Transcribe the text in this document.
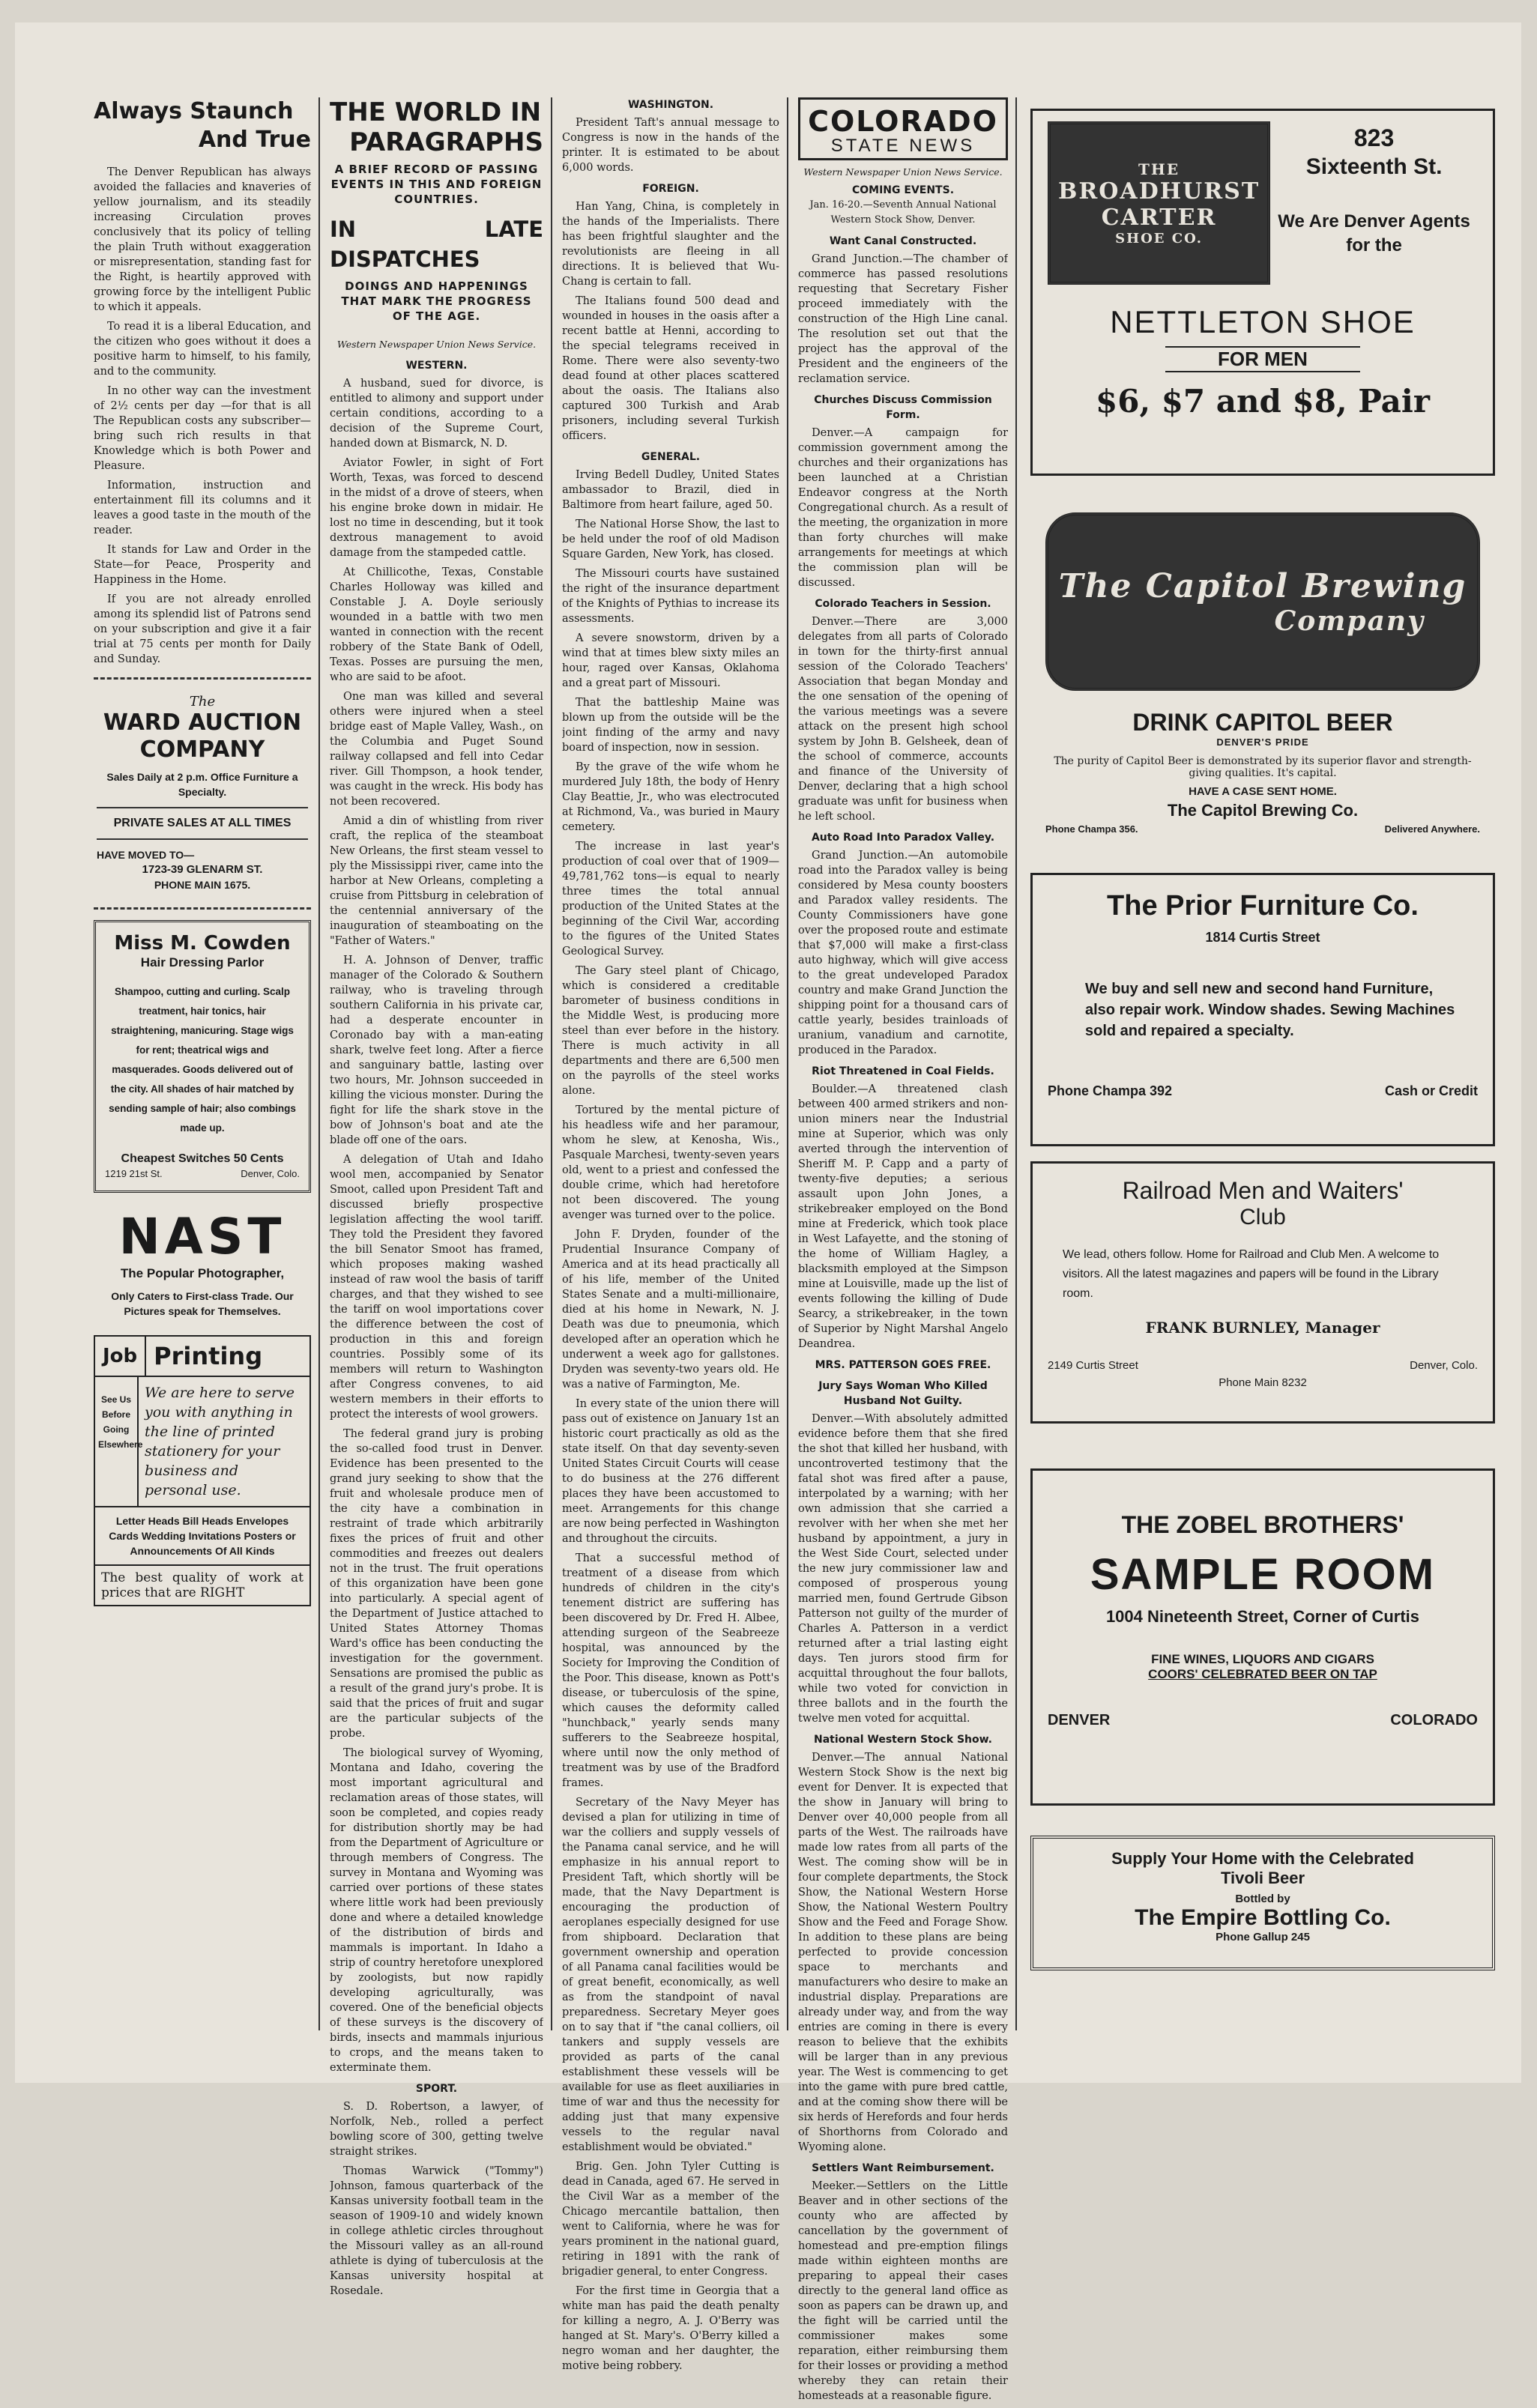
Always Staunch
And True

The Denver Republican has always avoided the fallacies and knaveries of yellow journalism, and its steadily increasing Circulation proves conclusively that its policy of telling the plain Truth without exaggeration or misrepresentation, standing fast for the Right, is heartily approved with growing force by the intelligent Public to which it appeals.

To read it is a liberal Education, and the citizen who goes without it does a positive harm to himself, to his family, and to the community.

In no other way can the investment of 2½ cents per day —for that is all The Republican costs any subscriber—bring such rich results in that Knowledge which is both Power and Pleasure.

Information, instruction and entertainment fill its columns and it leaves a good taste in the mouth of the reader.

It stands for Law and Order in the State—for Peace, Prosperity and Happiness in the Home.

If you are not already enrolled among its splendid list of Patrons send on your subscription and give it a fair trial at 75 cents per month for Daily and Sunday.

The
WARD AUCTION
COMPANY
Sales Daily at 2 p.m. Office Furniture a Specialty.
PRIVATE SALES AT ALL TIMES
HAVE MOVED TO—
1723-39 GLENARM ST.
PHONE MAIN 1675.
Miss M. Cowden
Hair Dressing Parlor
Shampoo, cutting and curling. Scalp treatment, hair tonics, hair straightening, manicuring. Stage wigs for rent; theatrical wigs and masquerades. Goods delivered out of the city. All shades of hair matched by sending sample of hair; also combings made up.
Cheapest Switches 50 Cents
1219 21st St.	Denver, Colo.
NAST
The Popular Photographer,
Only Caters to First-class Trade. Our Pictures speak for Themselves.
Job Printing
See Us Before Going Elsewhere
We are here to serve you with anything in the line of printed stationery for your business and personal use.
Letter Heads Bill Heads Envelopes Cards Wedding Invitations Posters or Announcements Of All Kinds
The best quality of work at prices that are RIGHT
THE WORLD IN
PARAGRAPHS
A BRIEF RECORD OF PASSING EVENTS IN THIS AND FOREIGN COUNTRIES.
IN LATE DISPATCHES
DOINGS AND HAPPENINGS THAT MARK THE PROGRESS OF THE AGE.
Western Newspaper Union News Service.
WESTERN.

A husband, sued for divorce, is entitled to alimony and support under certain conditions, according to a decision of the Supreme Court, handed down at Bismarck, N. D.

Aviator Fowler, in sight of Fort Worth, Texas, was forced to descend in the midst of a drove of steers, when his engine broke down in midair. He lost no time in descending, but it took dextrous management to avoid damage from the stampeded cattle.

At Chillicothe, Texas, Constable Charles Holloway was killed and Constable J. A. Doyle seriously wounded in a battle with two men wanted in connection with the recent robbery of the State Bank of Odell, Texas. Posses are pursuing the men, who are said to be afoot.

One man was killed and several others were injured when a steel bridge east of Maple Valley, Wash., on the Columbia and Puget Sound railway collapsed and fell into Cedar river. Gill Thompson, a hook tender, was caught in the wreck. His body has not been recovered.

Amid a din of whistling from river craft, the replica of the steamboat New Orleans, the first steam vessel to ply the Mississippi river, came into the harbor at New Orleans, completing a cruise from Pittsburg in celebration of the centennial anniversary of the inauguration of steamboating on the "Father of Waters."

H. A. Johnson of Denver, traffic manager of the Colorado & Southern railway, who is traveling through southern California in his private car, had a desperate encounter in Coronado bay with a man-eating shark, twelve feet long. After a fierce and sanguinary battle, lasting over two hours, Mr. Johnson succeeded in killing the vicious monster. During the fight for life the shark stove in the bow of Johnson's boat and ate the blade off one of the oars.

A delegation of Utah and Idaho wool men, accompanied by Senator Smoot, called upon President Taft and discussed briefly prospective legislation affecting the wool tariff. They told the President they favored the bill Senator Smoot has framed, which proposes making washed instead of raw wool the basis of tariff charges, and that they wished to see the tariff on wool importations cover the difference between the cost of production in this and foreign countries. Possibly some of its members will return to Washington after Congress convenes, to aid western members in their efforts to protect the interests of wool growers.

The federal grand jury is probing the so-called food trust in Denver. Evidence has been presented to the grand jury seeking to show that the fruit and wholesale produce men of the city have a combination in restraint of trade which arbitrarily fixes the prices of fruit and other commodities and freezes out dealers not in the trust. The fruit operations of this organization have been gone into particularly. A special agent of the Department of Justice attached to United States Attorney Thomas Ward's office has been conducting the investigation for the government. Sensations are promised the public as a result of the grand jury's probe. It is said that the prices of fruit and sugar are the particular subjects of the probe.

The biological survey of Wyoming, Montana and Idaho, covering the most important agricultural and reclamation areas of those states, will soon be completed, and copies ready for distribution shortly may be had from the Department of Agriculture or through members of Congress. The survey in Montana and Wyoming was carried over portions of these states where little work had been previously done and where a detailed knowledge of the distribution of birds and mammals is important. In Idaho a strip of country heretofore unexplored by zoologists, but now rapidly developing agriculturally, was covered. One of the beneficial objects of these surveys is the discovery of birds, insects and mammals injurious to crops, and the means taken to exterminate them.

SPORT.

S. D. Robertson, a lawyer, of Norfolk, Neb., rolled a perfect bowling score of 300, getting twelve straight strikes.

Thomas Warwick ("Tommy") Johnson, famous quarterback of the Kansas university football team in the season of 1909-10 and widely known in college athletic circles throughout the Missouri valley as an all-round athlete is dying of tuberculosis at the Kansas university hospital at Rosedale.

WASHINGTON.

President Taft's annual message to Congress is now in the hands of the printer. It is estimated to be about 6,000 words.

FOREIGN.

Han Yang, China, is completely in the hands of the Imperialists. There has been frightful slaughter and the revolutionists are fleeing in all directions. It is believed that Wu-Chang is certain to fall.

The Italians found 500 dead and wounded in houses in the oasis after a recent battle at Henni, according to the special telegrams received in Rome. There were also seventy-two dead found at other places scattered about the oasis. The Italians also captured 300 Turkish and Arab prisoners, including several Turkish officers.

GENERAL.

Irving Bedell Dudley, United States ambassador to Brazil, died in Baltimore from heart failure, aged 50.

The National Horse Show, the last to be held under the roof of old Madison Square Garden, New York, has closed.

The Missouri courts have sustained the right of the insurance department of the Knights of Pythias to increase its assessments.

A severe snowstorm, driven by a wind that at times blew sixty miles an hour, raged over Kansas, Oklahoma and a great part of Missouri.

That the battleship Maine was blown up from the outside will be the joint finding of the army and navy board of inspection, now in session.

By the grave of the wife whom he murdered July 18th, the body of Henry Clay Beattie, Jr., who was electrocuted at Richmond, Va., was buried in Maury cemetery.

The increase in last year's production of coal over that of 1909—49,781,762 tons—is equal to nearly three times the total annual production of the United States at the beginning of the Civil War, according to the figures of the United States Geological Survey.

The Gary steel plant of Chicago, which is considered a creditable barometer of business conditions in the Middle West, is producing more steel than ever before in the history. There is much activity in all departments and there are 6,500 men on the payrolls of the steel works alone.

Tortured by the mental picture of his headless wife and her paramour, whom he slew, at Kenosha, Wis., Pasquale Marchesi, twenty-seven years old, went to a priest and confessed the double crime, which had heretofore not been discovered. The young avenger was turned over to the police.

John F. Dryden, founder of the Prudential Insurance Company of America and at its head practically all of his life, member of the United States Senate and a multi-millionaire, died at his home in Newark, N. J. Death was due to pneumonia, which developed after an operation which he underwent a week ago for gallstones. Dryden was seventy-two years old. He was a native of Farmington, Me.

In every state of the union there will pass out of existence on January 1st an historic court practically as old as the state itself. On that day seventy-seven United States Circuit Courts will cease to do business at the 276 different places they have been accustomed to meet. Arrangements for this change are now being perfected in Washington and throughout the circuits.

That a successful method of treatment of a disease from which hundreds of children in the city's tenement district are suffering has been discovered by Dr. Fred H. Albee, attending surgeon of the Seabreeze hospital, was announced by the Society for Improving the Condition of the Poor. This disease, known as Pott's disease, or tuberculosis of the spine, which causes the deformity called "hunchback," yearly sends many sufferers to the Seabreeze hospital, where until now the only method of treatment was by use of the Bradford frames.

Secretary of the Navy Meyer has devised a plan for utilizing in time of war the colliers and supply vessels of the Panama canal service, and he will emphasize in his annual report to President Taft, which shortly will be made, that the Navy Department is encouraging the production of aeroplanes especially designed for use from shipboard. Declaration that government ownership and operation of all Panama canal facilities would be of great benefit, economically, as well as from the standpoint of naval preparedness. Secretary Meyer goes on to say that if "the canal colliers, oil tankers and supply vessels are provided as parts of the canal establishment these vessels will be available for use as fleet auxiliaries in time of war and thus the necessity for adding just that many expensive vessels to the regular naval establishment would be obviated."

Brig. Gen. John Tyler Cutting is dead in Canada, aged 67. He served in the Civil War as a member of the Chicago mercantile battalion, then went to California, where he was for years prominent in the national guard, retiring in 1891 with the rank of brigadier general, to enter Congress.

For the first time in Georgia that a white man has paid the death penalty for killing a negro, A. J. O'Berry was hanged at St. Mary's. O'Berry killed a negro woman and her daughter, the motive being robbery.

COLORADO
STATE NEWS
Western Newspaper Union News Service.
COMING EVENTS.
Jan. 16-20.—Seventh Annual National Western Stock Show, Denver.
Want Canal Constructed.

Grand Junction.—The chamber of commerce has passed resolutions requesting that Secretary Fisher proceed immediately with the construction of the High Line canal. The resolution set out that the project has the approval of the President and the engineers of the reclamation service.

Churches Discuss Commission Form.

Denver.—A campaign for commission government among the churches and their organizations has been launched at a Christian Endeavor congress at the North Congregational church. As a result of the meeting, the organization in more than forty churches will make arrangements for meetings at which the commission plan will be discussed.

Colorado Teachers in Session.

Denver.—There are 3,000 delegates from all parts of Colorado in town for the thirty-first annual session of the Colorado Teachers' Association that began Monday and the one sensation of the opening of the various meetings was a severe attack on the present high school system by John B. Gelsheek, dean of the school of commerce, accounts and finance of the University of Denver, declaring that a high school graduate was unfit for business when he left school.

Auto Road Into Paradox Valley.

Grand Junction.—An automobile road into the Paradox valley is being considered by Mesa county boosters and Paradox valley residents. The County Commissioners have gone over the proposed route and estimate that $7,000 will make a first-class auto highway, which will give access to the great undeveloped Paradox country and make Grand Junction the shipping point for a thousand cars of cattle yearly, besides trainloads of uranium, vanadium and carnotite, produced in the Paradox.

Riot Threatened in Coal Fields.

Boulder.—A threatened clash between 400 armed strikers and non-union miners near the Industrial mine at Superior, which was only averted through the intervention of Sheriff M. P. Capp and a party of twenty-five deputies; a serious assault upon John Jones, a strikebreaker employed on the Bond mine at Frederick, which took place in West Lafayette, and the stoning of the home of William Hagley, a blacksmith employed at the Simpson mine at Louisville, made up the list of events following the killing of Dude Searcy, a strikebreaker, in the town of Superior by Night Marshal Angelo Deandrea.

MRS. PATTERSON GOES FREE.
Jury Says Woman Who Killed Husband Not Guilty.

Denver.—With absolutely admitted evidence before them that she fired the shot that killed her husband, with uncontroverted testimony that the fatal shot was fired after a pause, interpolated by a warning; with her own admission that she carried a revolver with her when she met her husband by appointment, a jury in the West Side Court, selected under the new jury commissioner law and composed of prosperous young married men, found Gertrude Gibson Patterson not guilty of the murder of Charles A. Patterson in a verdict returned after a trial lasting eight days. Ten jurors stood firm for acquittal throughout the four ballots, while two voted for conviction in three ballots and in the fourth the twelve men voted for acquittal.

National Western Stock Show.

Denver.—The annual National Western Stock Show is the next big event for Denver. It is expected that the show in January will bring to Denver over 40,000 people from all parts of the West. The railroads have made low rates from all parts of the West. The coming show will be in four complete departments, the Stock Show, the National Western Horse Show, the National Western Poultry Show and the Feed and Forage Show. In addition to these plans are being perfected to provide concession space to merchants and manufacturers who desire to make an industrial display. Preparations are already under way, and from the way entries are coming in there is every reason to believe that the exhibits will be larger than in any previous year. The West is commencing to get into the game with pure bred cattle, and at the coming show there will be six herds of Herefords and four herds of Shorthorns from Colorado and Wyoming alone.

Settlers Want Reimbursement.

Meeker.—Settlers on the Little Beaver and in other sections of the county who are affected by cancellation by the government of homestead and pre-emption filings made within eighteen months are preparing to appeal their cases directly to the general land office as soon as papers can be drawn up, and the fight will be carried until the commissioner makes some reparation, either reimbursing them for their losses or providing a method whereby they can retain their homesteads at a reasonable figure.

THE
BROADHURST
CARTER
SHOE CO.
823
Sixteenth St.
We Are Denver Agents for the
NETTLETON SHOE
FOR MEN
$6, $7 and $8, Pair
The Capitol Brewing
Company
DRINK CAPITOL BEER
DENVER'S PRIDE
The purity of Capitol Beer is demonstrated by its superior flavor and strength-giving qualities. It's capital.
HAVE A CASE SENT HOME.
The Capitol Brewing Co.
Phone Champa 356.	Delivered Anywhere.
The Prior Furniture Co.
1814 Curtis Street
We buy and sell new and second hand Furniture, also repair work. Window shades. Sewing Machines sold and repaired a specialty.
Phone Champa 392	Cash or Credit
Railroad Men and Waiters'
Club
We lead, others follow. Home for Railroad and Club Men. A welcome to visitors. All the latest magazines and papers will be found in the Library room.
FRANK BURNLEY, Manager
2149 Curtis Street	Denver, Colo.
Phone Main 8232
THE ZOBEL BROTHERS'
SAMPLE ROOM
1004 Nineteenth Street, Corner of Curtis
FINE WINES, LIQUORS AND CIGARS
COORS' CELEBRATED BEER ON TAP
DENVER	COLORADO
Supply Your Home with the Celebrated
Tivoli Beer
Bottled by
The Empire Bottling Co.
Phone Gallup 245
